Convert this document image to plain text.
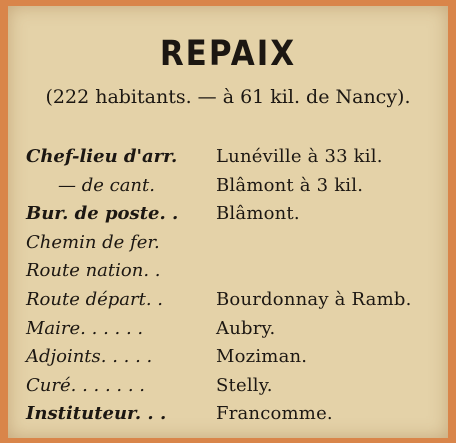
REPAIX
(222 habitants. — à 61 kil. de Nancy).
Chef-lieu d'arr. Lunéville à 33 kil.
— de cant.	Blâmont à 3 kil.
Bur. de poste. . Blâmont.
Chemin de fer.
Route nation. .
Route départ. .	Bourdonnay à Ramb.
Maire. . . . . .	Aubry.
Adjoints. . . . .	Moziman.
Curé. . . . . . .	Stelly.
Instituteur. . .	Francomme.
